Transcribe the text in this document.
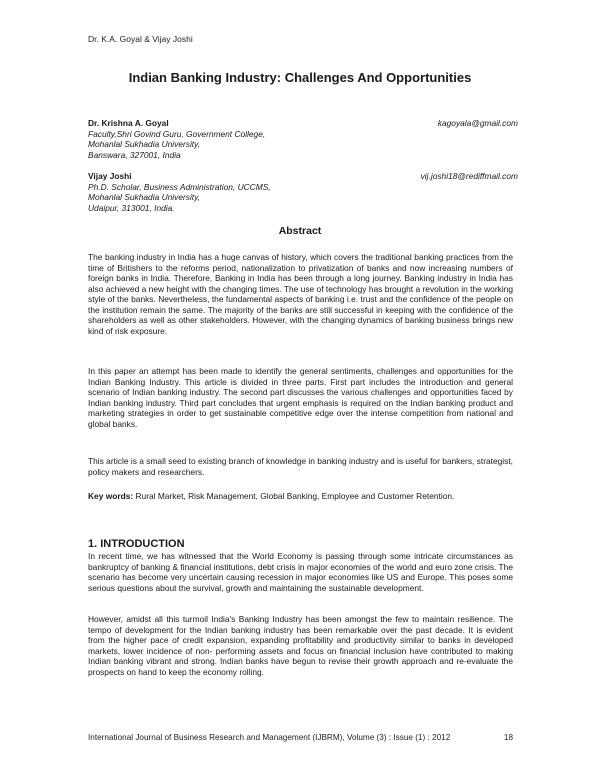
Dr. K.A. Goyal & Vijay Joshi
Indian Banking Industry: Challenges And Opportunities
Dr. Krishna A. Goyal	kagoyala@gmail.com
Faculty,Shri Govind Guru, Government College,
Mohanlal Sukhadia University,
Banswara, 327001, India
Vijay Joshi	vij.joshi18@rediffmail.com
Ph.D. Scholar, Business Administration, UCCMS,
Mohanlal Sukhadia University,
Udaipur, 313001, India.
Abstract

The banking industry in India has a huge canvas of history, which covers the traditional banking practices from the time of Britishers to the reforms period, nationalization to privatization of banks and now increasing numbers of foreign banks in India. Therefore, Banking in India has been through a long journey. Banking industry in India has also achieved a new height with the changing times. The use of technology has brought a revolution in the working style of the banks. Nevertheless, the fundamental aspects of banking i.e. trust and the confidence of the people on the institution remain the same. The majority of the banks are still successful in keeping with the confidence of the shareholders as well as other stakeholders. However, with the changing dynamics of banking business brings new kind of risk exposure.

In this paper an attempt has been made to identify the general sentiments, challenges and opportunities for the Indian Banking Industry. This article is divided in three parts. First part includes the introduction and general scenario of Indian banking industry. The second part discusses the various challenges and opportunities faced by Indian banking industry. Third part concludes that urgent emphasis is required on the Indian banking product and marketing strategies in order to get sustainable competitive edge over the intense competition from national and global banks.

This article is a small seed to existing branch of knowledge in banking industry and is useful for bankers, strategist, policy makers and researchers.

Key words: Rural Market, Risk Management, Global Banking, Employee and Customer Retention.

1. INTRODUCTION

In recent time, we has witnessed that the World Economy is passing through some intricate circumstances as bankruptcy of banking & financial institutions, debt crisis in major economies of the world and euro zone crisis. The scenario has become very uncertain causing recession in major economies like US and Europe. This poses some serious questions about the survival, growth and maintaining the sustainable development.

However, amidst all this turmoil India's Banking Industry has been amongst the few to maintain resilience. The tempo of development for the Indian banking industry has been remarkable over the past decade. It is evident from the higher pace of credit expansion, expanding profitability and productivity similar to banks in developed markets, lower incidence of non- performing assets and focus on financial inclusion have contributed to making Indian banking vibrant and strong. Indian banks have begun to revise their growth approach and re-evaluate the prospects on hand to keep the economy rolling.

International Journal of Business Research and Management (IJBRM), Volume (3) : Issue (1) : 2012	18
